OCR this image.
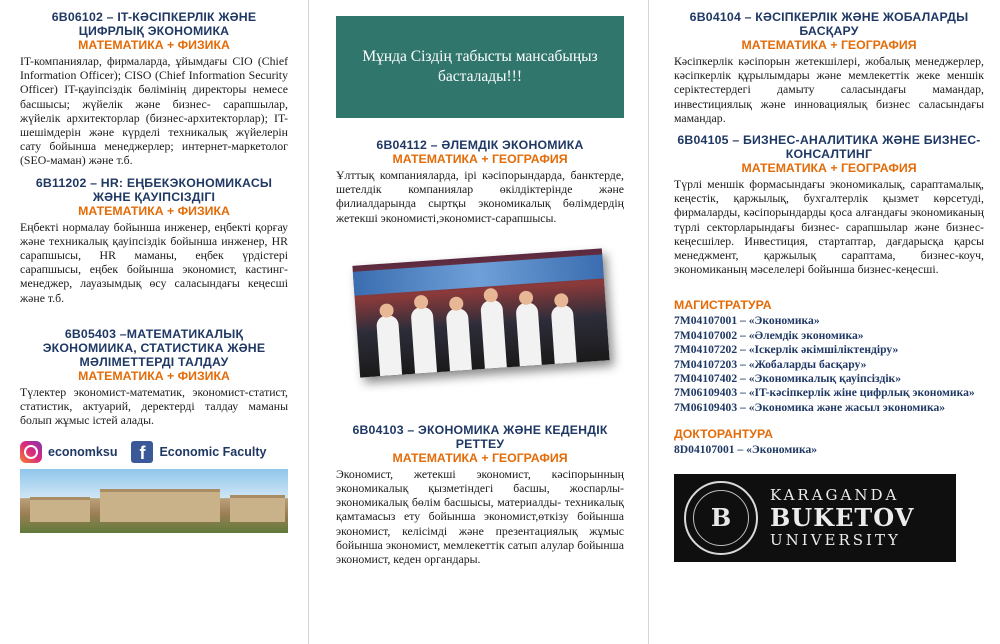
6B06102 – IT-КӘСІПКЕРЛІК ЖӘНЕ ЦИФРЛЫҚ ЭКОНОМИКА
МАТЕМАТИКА + ФИЗИКА

IT-компаниялар, фирмаларда, ұйымдағы CIO (Chief Information Officer); CISO (Chief Information Security Officer) IT-қауіпсіздік бөлімінің директоры немесе басшысы; жүйелік және бизнес- сарапшылар, жүйелік архитекторлар (бизнес-архитекторлар); IT-шешімдерін және күрделі техникалық жүйелерін сату бойынша менеджерлер; интернет-маркетолог (SEO-маман) және т.б.

6B11202 – HR: ЕҢБЕКЭКОНОМИКАСЫ ЖӘНЕ ҚАУІПСІЗДІГІ
МАТЕМАТИКА + ФИЗИКА

Еңбекті нормалау бойынша инженер, еңбекті қорғау және техникалық қауіпсіздік бойынша инженер, HR сарапшысы, HR маманы, еңбек үрдістері сарапшысы, еңбек бойынша экономист, кастинг-менеджер, лауазымдық өсу саласындағы кеңесші және т.б.

6B05403 –МАТЕМАТИКАЛЫҚ ЭКОНОМИИКА, СТАТИСТИКА ЖӘНЕ МӘЛІМЕТТЕРДІ ТАЛДАУ
МАТЕМАТИКА + ФИЗИКА

Түлектер экономист-математик, экономист-статист, статистик, актуарий, деректерді талдау маманы болып жұмыс істей алады.

economksu	f	Economic Faculty
Мұнда Сіздің табысты мансабыңыз басталады!!!
6B04112 – ӘЛЕМДІК ЭКОНОМИКА
МАТЕМАТИКА + ГЕОГРАФИЯ

Ұлттық компанияларда, ірі кәсіпорындарда, банктерде, шетелдік компаниялар өкілдіктерінде және филиалдарында сыртқы экономикалық бөлімдердің жетекші экономисті,экономист-сарапшысы.

6B04103 – ЭКОНОМИКА ЖӘНЕ КЕДЕНДІК РЕТТЕУ
МАТЕМАТИКА + ГЕОГРАФИЯ

Экономист, жетекші экономист, кәсіпорынның экономикалық қызметіндегі басшы, жоспарлы- экономикалық бөлім басшысы, материалды- техникалық қамтамасыз ету бойынша экономист,өткізу бойынша экономист, келісімді және презентациялық жұмыс бойынша экономист, мемлекеттік сатып алулар бойынша экономист, кеден органдары.

6B04104 – КӘСІПКЕРЛІК ЖӘНЕ ЖОБАЛАРДЫ БАСҚАРУ
МАТЕМАТИКА + ГЕОГРАФИЯ

Кәсіпкерлік кәсіпорын жетекшілері, жобалық менеджерлер, кәсіпкерлік құрылымдары және мемлекеттік жеке меншік серіктестердегі дамыту саласындағы мамандар, инвестициялық және инновациялық бизнес саласындағы мамандар.

6B04105 – БИЗНЕС-АНАЛИТИКА ЖӘНЕ БИЗНЕС-КОНСАЛТИНГ
МАТЕМАТИКА + ГЕОГРАФИЯ

Түрлі меншік формасындағы экономикалық, сараптамалық, кеңестік, қаржылық, бухгалтерлік қызмет көрсетуді, фирмаларды, кәсіпорындарды қоса алғандағы экономиканың түрлі секторларындағы бизнес- сарапшылар және бизнес-кеңесшілер. Инвестиция, стартаптар, дағдарысқа қарсы менеджмент, қаржылық сараптама, бизнес-коуч, экономиканың мәселелері бойынша бизнес-кеңесші.

МАГИСТРАТУРА
7М04107001 – «Экономика»
7М04107002 – «Әлемдік экономика»
7М04107202 – «Іскерлік әкімшіліктендіру»
7М04107203 – «Жобаларды басқару»
7М04107402 – «Экономикалық қауіпсіздік»
7М06109403 – «IT-кәсіпкерлік жіне цифрлық экономика»
7М06109403 – «Экономика және жасыл экономика»
ДОКТОРАНТУРА
8D04107001 – «Экономика»
B
KARAGANDA
BUKETOV
UNIVERSITY
